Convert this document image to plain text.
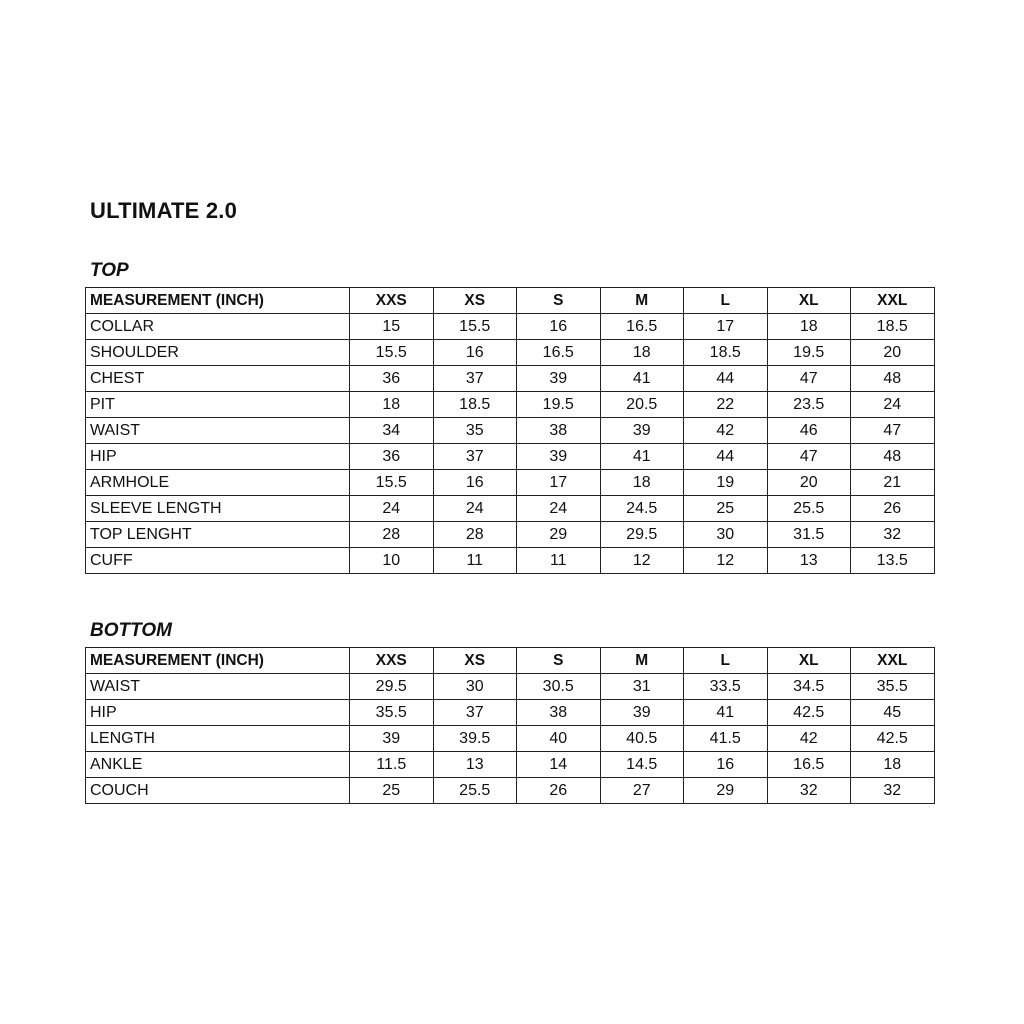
ULTIMATE 2.0
TOP
MEASUREMENT (INCH)	XXS	XS	S	M	L	XL	XXL
COLLAR	15	15.5	16	16.5	17	18	18.5
SHOULDER	15.5	16	16.5	18	18.5	19.5	20
CHEST	36	37	39	41	44	47	48
PIT	18	18.5	19.5	20.5	22	23.5	24
WAIST	34	35	38	39	42	46	47
HIP	36	37	39	41	44	47	48
ARMHOLE	15.5	16	17	18	19	20	21
SLEEVE LENGTH	24	24	24	24.5	25	25.5	26
TOP LENGHT	28	28	29	29.5	30	31.5	32
CUFF	10	11	11	12	12	13	13.5
BOTTOM
MEASUREMENT (INCH)	XXS	XS	S	M	L	XL	XXL
WAIST	29.5	30	30.5	31	33.5	34.5	35.5
HIP	35.5	37	38	39	41	42.5	45
LENGTH	39	39.5	40	40.5	41.5	42	42.5
ANKLE	11.5	13	14	14.5	16	16.5	18
COUCH	25	25.5	26	27	29	32	32
